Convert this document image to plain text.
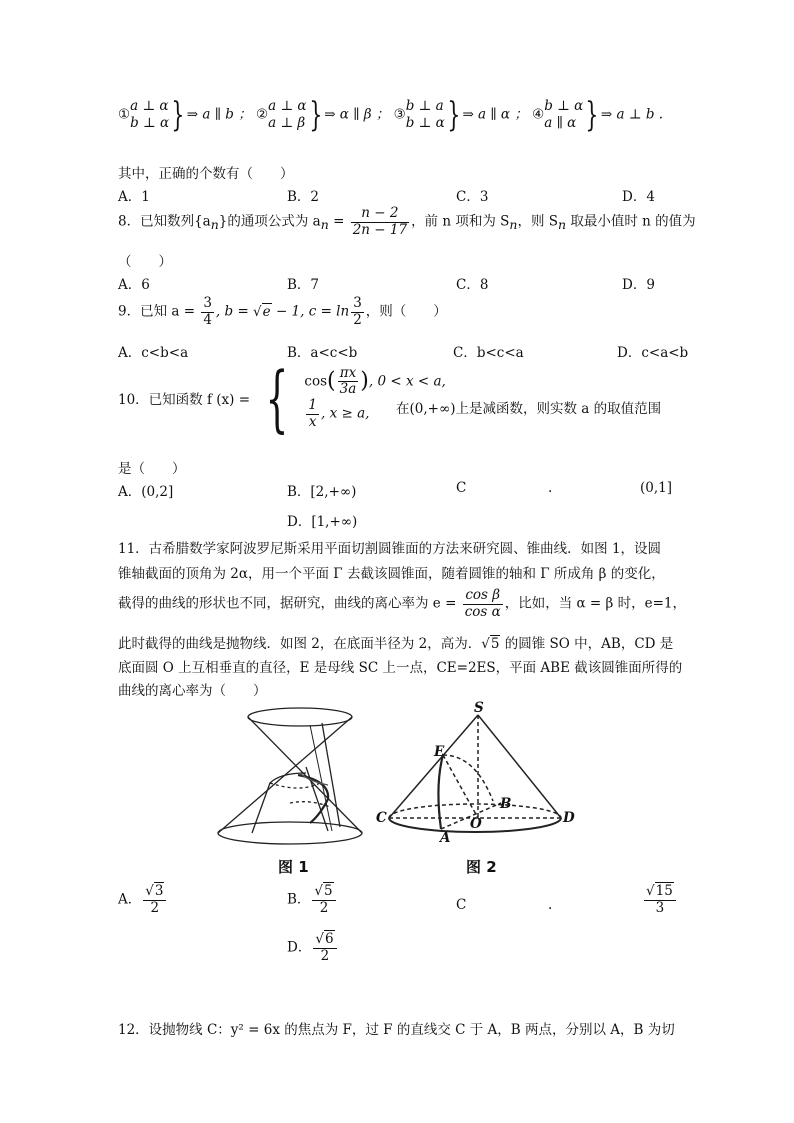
①a ⊥ α
b ⊥ α} ⇒ a ∥ b ； ②a ⊥ α
a ⊥ β } ⇒ α ∥ β ； ③b ⊥ a
b ⊥ α} ⇒ a ∥ α ； ④b ⊥ α
a ∥ α } ⇒ a ⊥ b .
其中，正确的个数有（　　）
A．1	B．2	C．3	D．4
8．已知数列$\{a_n\}$的通项公式为 $a_n = \frac{n - 2}{2n - 17}$ ，前 n 项和为 $S_n$，则 $S_n$ 取最小值时 n 的值为
（　　）
A．6	B．7	C．8	D．9
9．已知 $a = \frac{3}{4}$ , b = √e − 1, $c = \ln \frac{3}{2}$ ，则（　　）
A．c<b<a	B．a<c<b	C．b<c<a	D．c<a<b
10．已知函数 f (x) = { $\cos( \frac{\pi x}{3a}$ ), 0 < x < a,

$\frac{1}{x}$ , x ≥ a,	在(0,+∞)上是减函数，则实数 a 的取值范围
是（　　）
A．(0,2]	B．[2,+∞)	C	.	(0,1]
D．[1,+∞)
11．古希腊数学家阿波罗尼斯采用平面切割圆锥面的方法来研究圆、锥曲线．如图 1，设圆
锥轴截面的顶角为 2α，用一个平面 Γ 去截该圆锥面，随着圆锥的轴和 Γ 所成角 β 的变化，
截得的曲线的形状也不同，据研究，曲线的离心率为 $e = \frac{\text{cos β}}{\text{cos α}}$ ，比如，当 α = β 时，e=1，
此时截得的曲线是抛物线．如图 2，在底面半径为 2，高为．√5 的圆锥 SO 中，AB，CD 是
底面圆 O 上互相垂直的直径，E 是母线 SC 上一点，CE=2ES，平面 ABE 截该圆锥面所得的
曲线的离心率为（　　）
图 1
S
E
B
C	O	D
A
图 2
A． $\frac{√3}{2}$	B． $\frac{√5}{2}$	C	.	$\frac{√15}{3}$
D． $\frac{√6}{2}$
12．设抛物线 C：y² = 6x 的焦点为 F，过 F 的直线交 C 于 A，B 两点，分别以 A，B 为切
